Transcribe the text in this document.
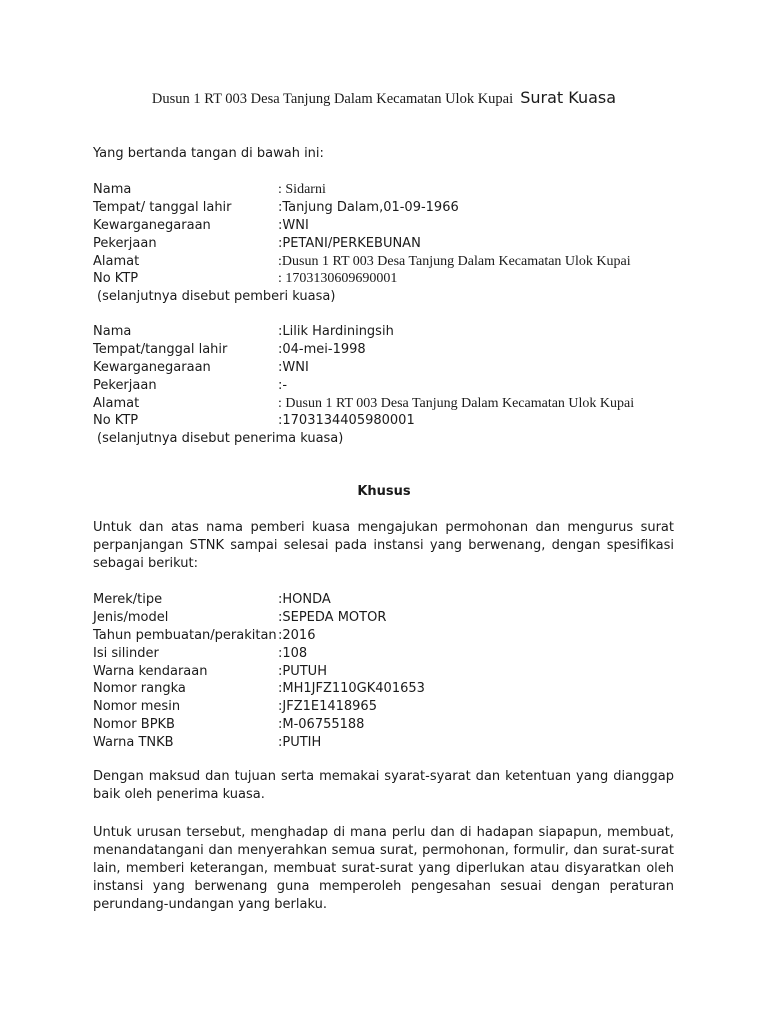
Dusun 1 RT 003 Desa Tanjung Dalam Kecamatan Ulok Kupai Surat Kuasa
Yang bertanda tangan di bawah ini:
Nama	: Sidarni
Tempat/ tanggal lahir	:Tanjung Dalam,01-09-1966
Kewarganegaraan	:WNI
Pekerjaan	:PETANI/PERKEBUNAN
Alamat	:Dusun 1 RT 003 Desa Tanjung Dalam Kecamatan Ulok Kupai
No KTP	: 1703130609690001
(selanjutnya disebut pemberi kuasa)
Nama	:Lilik Hardiningsih
Tempat/tanggal lahir	:04-mei-1998
Kewarganegaraan	:WNI
Pekerjaan	:-
Alamat	: Dusun 1 RT 003 Desa Tanjung Dalam Kecamatan Ulok Kupai
No KTP	:1703134405980001
(selanjutnya disebut penerima kuasa)
Khusus

Untuk dan atas nama pemberi kuasa mengajukan permohonan dan mengurus surat perpanjangan STNK sampai selesai pada instansi yang berwenang, dengan spesifikasi sebagai berikut:

Merek/tipe	:HONDA
Jenis/model	:SEPEDA MOTOR
Tahun pembuatan/perakitan :2016
Isi silinder	:108
Warna kendaraan	:PUTUH
Nomor rangka	:MH1JFZ110GK401653
Nomor mesin	:JFZ1E1418965
Nomor BPKB	:M-06755188
Warna TNKB	:PUTIH

Dengan maksud dan tujuan serta memakai syarat-syarat dan ketentuan yang dianggap baik oleh penerima kuasa.

Untuk urusan tersebut, menghadap di mana perlu dan di hadapan siapapun, membuat, menandatangani dan menyerahkan semua surat, permohonan, formulir, dan surat-surat lain, memberi keterangan, membuat surat-surat yang diperlukan atau disyaratkan oleh instansi yang berwenang guna memperoleh pengesahan sesuai dengan peraturan perundang-undangan yang berlaku.
